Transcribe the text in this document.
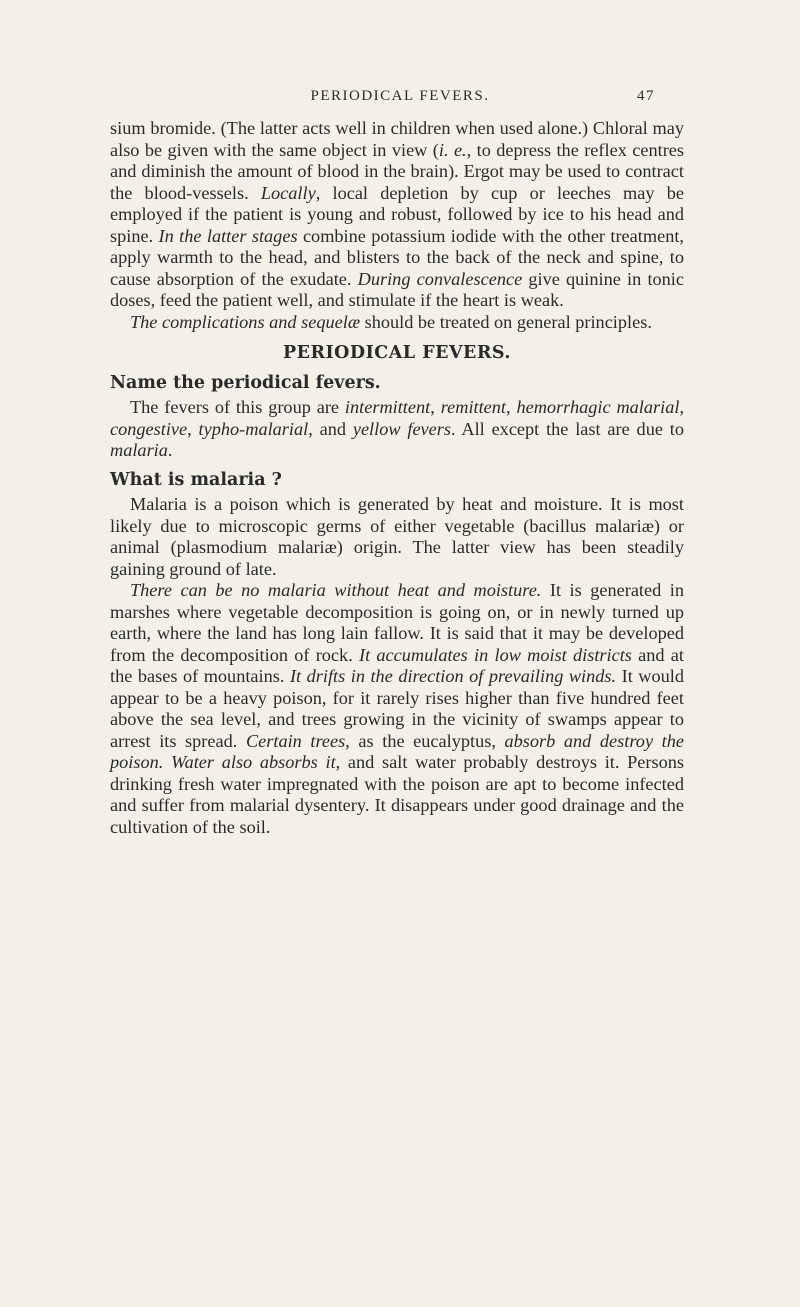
PERIODICAL FEVERS.	47

sium bromide. (The latter acts well in children when used alone.) Chloral may also be given with the same object in view (i. e., to depress the reflex centres and diminish the amount of blood in the brain). Ergot may be used to contract the blood-vessels. Locally, local depletion by cup or leeches may be employed if the patient is young and robust, followed by ice to his head and spine. In the latter stages combine potassium iodide with the other treatment, apply warmth to the head, and blisters to the back of the neck and spine, to cause absorption of the exudate. During convalescence give quinine in tonic doses, feed the patient well, and stimulate if the heart is weak.

The complications and sequelæ should be treated on general principles.

PERIODICAL FEVERS.
Name the periodical fevers.

The fevers of this group are intermittent, remittent, hemorrhagic malarial, congestive, typho-malarial, and yellow fevers. All except the last are due to malaria.

What is malaria ?

Malaria is a poison which is generated by heat and moisture. It is most likely due to microscopic germs of either vegetable (bacillus malariæ) or animal (plasmodium malariæ) origin. The latter view has been steadily gaining ground of late.

There can be no malaria without heat and moisture. It is generated in marshes where vegetable decomposition is going on, or in newly turned up earth, where the land has long lain fallow. It is said that it may be developed from the decomposition of rock. It accumulates in low moist districts and at the bases of mountains. It drifts in the direction of prevailing winds. It would appear to be a heavy poison, for it rarely rises higher than five hundred feet above the sea level, and trees growing in the vicinity of swamps appear to arrest its spread. Certain trees, as the eucalyptus, absorb and destroy the poison. Water also absorbs it, and salt water probably destroys it. Persons drinking fresh water impregnated with the poison are apt to become infected and suffer from malarial dysentery. It disappears under good drainage and the cultivation of the soil.
